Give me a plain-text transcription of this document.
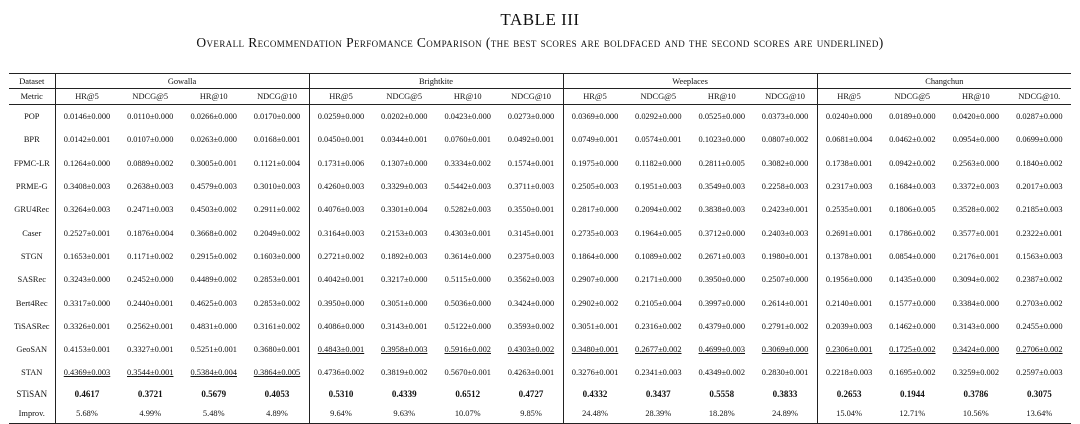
TABLE III
Overall Recommendation Perfomance Comparison (the best scores are boldfaced and the second scores are underlined)
Dataset	Gowalla				Brightkite				Weeplaces				Changchun			
Metric	HR@5	NDCG@5	HR@10	NDCG@10	HR@5	NDCG@5	HR@10	NDCG@10	HR@5	NDCG@5	HR@10	NDCG@10	HR@5	NDCG@5	HR@10	NDCG@10.
POP	0.0146±0.000	0.0110±0.000	0.0266±0.000	0.0170±0.000	0.0259±0.000	0.0202±0.000	0.0423±0.000	0.0273±0.000	0.0369±0.000	0.0292±0.000	0.0525±0.000	0.0373±0.000	0.0240±0.000	0.0189±0.000	0.0420±0.000	0.0287±0.000
BPR	0.0142±0.001	0.0107±0.000	0.0263±0.000	0.0168±0.001	0.0450±0.001	0.0344±0.001	0.0760±0.001	0.0492±0.001	0.0749±0.001	0.0574±0.001	0.1023±0.000	0.0807±0.002	0.0681±0.004	0.0462±0.002	0.0954±0.000	0.0699±0.000
FPMC-LR	0.1264±0.000	0.0889±0.002	0.3005±0.001	0.1121±0.004	0.1731±0.006	0.1307±0.000	0.3334±0.002	0.1574±0.001	0.1975±0.000	0.1182±0.000	0.2811±0.005	0.3082±0.000	0.1738±0.001	0.0942±0.002	0.2563±0.000	0.1840±0.002
PRME-G	0.3408±0.003	0.2638±0.003	0.4579±0.003	0.3010±0.003	0.4260±0.003	0.3329±0.003	0.5442±0.003	0.3711±0.003	0.2505±0.003	0.1951±0.003	0.3549±0.003	0.2258±0.003	0.2317±0.003	0.1684±0.003	0.3372±0.003	0.2017±0.003
GRU4Rec	0.3264±0.003	0.2471±0.003	0.4503±0.002	0.2911±0.002	0.4076±0.003	0.3301±0.004	0.5282±0.003	0.3550±0.001	0.2817±0.000	0.2094±0.002	0.3838±0.003	0.2423±0.001	0.2535±0.001	0.1806±0.005	0.3528±0.002	0.2185±0.003
Caser	0.2527±0.001	0.1876±0.004	0.3668±0.002	0.2049±0.002	0.3164±0.003	0.2153±0.003	0.4303±0.001	0.3145±0.001	0.2735±0.003	0.1964±0.005	0.3712±0.000	0.2403±0.003	0.2691±0.001	0.1786±0.002	0.3577±0.001	0.2322±0.001
STGN	0.1653±0.001	0.1171±0.002	0.2915±0.002	0.1603±0.000	0.2721±0.002	0.1892±0.003	0.3614±0.000	0.2375±0.003	0.1864±0.000	0.1089±0.002	0.2671±0.003	0.1980±0.001	0.1378±0.001	0.0854±0.000	0.2176±0.001	0.1563±0.003
SASRec	0.3243±0.000	0.2452±0.000	0.4489±0.002	0.2853±0.001	0.4042±0.001	0.3217±0.000	0.5115±0.000	0.3562±0.003	0.2907±0.000	0.2171±0.000	0.3950±0.000	0.2507±0.000	0.1956±0.000	0.1435±0.000	0.3094±0.002	0.2387±0.002
Bert4Rec	0.3317±0.000	0.2440±0.001	0.4625±0.003	0.2853±0.002	0.3950±0.000	0.3051±0.000	0.5036±0.000	0.3424±0.000	0.2902±0.002	0.2105±0.004	0.3997±0.000	0.2614±0.001	0.2140±0.001	0.1577±0.000	0.3384±0.000	0.2703±0.002
TiSASRec	0.3326±0.001	0.2562±0.001	0.4831±0.000	0.3161±0.002	0.4086±0.000	0.3143±0.001	0.5122±0.000	0.3593±0.002	0.3051±0.001	0.2316±0.002	0.4379±0.000	0.2791±0.002	0.2039±0.003	0.1462±0.000	0.3143±0.000	0.2455±0.000
GeoSAN	0.4153±0.001	0.3327±0.001	0.5251±0.001	0.3680±0.001	0.4843±0.001	0.3958±0.003	0.5916±0.002	0.4303±0.002	0.3480±0.001	0.2677±0.002	0.4699±0.003	0.3069±0.000	0.2306±0.001	0.1725±0.002	0.3424±0.000	0.2706±0.002
STAN	0.4369±0.003	0.3544±0.001	0.5384±0.004	0.3864±0.005	0.4736±0.002	0.3819±0.002	0.5670±0.001	0.4263±0.001	0.3276±0.001	0.2341±0.003	0.4349±0.002	0.2830±0.001	0.2218±0.003	0.1695±0.002	0.3259±0.002	0.2597±0.003
STiSAN	0.4617	0.3721	0.5679	0.4053	0.5310	0.4339	0.6512	0.4727	0.4332	0.3437	0.5558	0.3833	0.2653	0.1944	0.3786	0.3075
Improv.	5.68%	4.99%	5.48%	4.89%	9.64%	9.63%	10.07%	9.85%	24.48%	28.39%	18.28%	24.89%	15.04%	12.71%	10.56%	13.64%
